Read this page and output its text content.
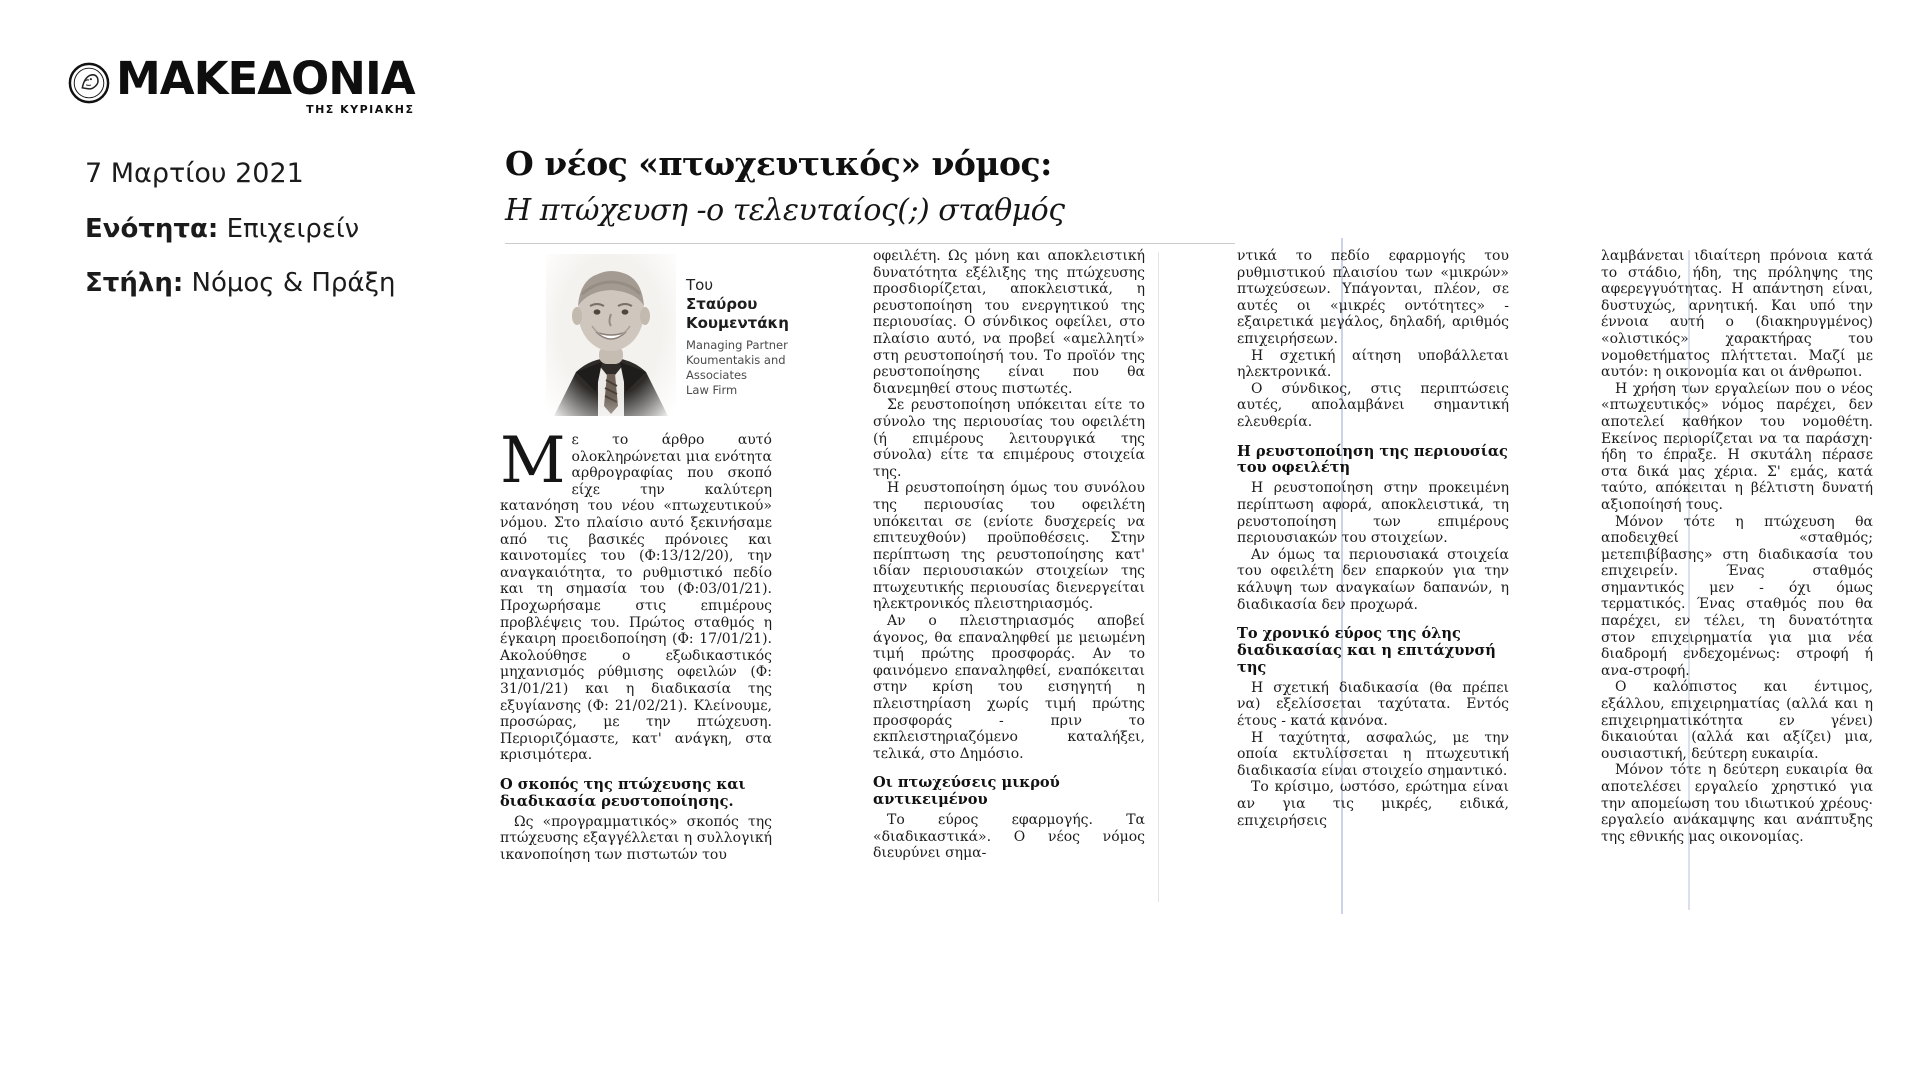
ΜΑΚΕΔΟΝΙΑ
ΤΗΣ ΚΥΡΙΑΚΗΣ
7 Μαρτίου 2021
Ενότητα: Επιχειρείν
Στήλη: Νόμος & Πράξη
Ο νέος «πτωχευτικός» νόμος:
Η πτώχευση -ο τελευταίος(;) σταθμός
Του Σταύρου
Κουμεντάκη
Managing Partner
Koumentakis and
Associates
Law Firm

Με το άρθρο αυτό ολοκληρώνεται μια ενότητα αρθρογραφίας που σκοπό είχε την καλύτερη κατανόηση του νέου «πτωχευτικού» νόμου. Στο πλαίσιο αυτό ξεκινήσαμε από τις βασικές πρόνοιες και καινοτομίες του (Φ:13/12/20), την αναγκαιότητα, το ρυθμιστικό πεδίο και τη σημασία του (Φ:03/01/21). Προχωρήσαμε στις επιμέρους προβλέψεις του. Πρώτος σταθμός η έγκαιρη προειδοποίηση (Φ: 17/01/21). Ακολούθησε ο εξωδικαστικός μηχανισμός ρύθμισης οφειλών (Φ: 31/01/21) και η διαδικασία της εξυγίανσης (Φ: 21/02/21). Κλείνουμε, προσώρας, με την πτώχευση. Περιοριζόμαστε, κατ' ανάγκη, στα κρισιμότερα.

Ο σκοπός της πτώχευσης και διαδικασία ρευστοποίησης.

Ως «προγραμματικός» σκοπός της πτώχευσης εξαγγέλλεται η συλλογική ικανοποίηση των πιστωτών του

οφειλέτη. Ως μόνη και αποκλειστική δυνατότητα εξέλιξης της πτώχευσης προσδιορίζεται, αποκλειστικά, η ρευστοποίηση του ενεργητικού της περιουσίας. Ο σύνδικος οφείλει, στο πλαίσιο αυτό, να προβεί «αμελλητί» στη ρευστοποίησή του. Το προϊόν της ρευστοποίησης είναι που θα διανεμηθεί στους πιστωτές.

Σε ρευστοποίηση υπόκειται είτε το σύνολο της περιουσίας του οφειλέτη (ή επιμέρους λειτουργικά της σύνολα) είτε τα επιμέρους στοιχεία της.

Η ρευστοποίηση όμως του συνόλου της περιουσίας του οφειλέτη υπόκειται σε (ενίοτε δυσχερείς να επιτευχθούν) προϋποθέσεις. Στην περίπτωση της ρευστοποίησης κατ' ιδίαν περιουσιακών στοιχείων της πτωχευτικής περιουσίας διενεργείται ηλεκτρονικός πλειστηριασμός.

Αν ο πλειστηριασμός αποβεί άγονος, θα επαναληφθεί με μειωμένη τιμή πρώτης προσφοράς. Αν το φαινόμενο επαναληφθεί, εναπόκειται στην κρίση του εισηγητή η πλειστηρίαση χωρίς τιμή πρώτης προσφοράς - πριν το εκπλειστηριαζόμενο καταλήξει, τελικά, στο Δημόσιο.

Οι πτωχεύσεις μικρού αντικειμένου

Το εύρος εφαρμογής. Τα «διαδικαστικά». Ο νέος νόμος διευρύνει σημα-

ντικά το πεδίο εφαρμογής του ρυθμιστικού πλαισίου των «μικρών» πτωχεύσεων. Υπάγονται, πλέον, σε αυτές οι «μικρές οντότητες» - εξαιρετικά μεγάλος, δηλαδή, αριθμός επιχειρήσεων.

Η σχετική αίτηση υποβάλλεται ηλεκτρονικά.

Ο σύνδικος, στις περιπτώσεις αυτές, απολαμβάνει σημαντική ελευθερία.

Η ρευστοποίηση της περιουσίας του οφειλέτη

Η ρευστοποίηση στην προκειμένη περίπτωση αφορά, αποκλειστικά, τη ρευστοποίηση των επιμέρους περιουσιακών του στοιχείων.

Αν όμως τα περιουσιακά στοιχεία του οφειλέτη δεν επαρκούν για την κάλυψη των αναγκαίων δαπανών, η διαδικασία δεν προχωρά.

Το χρονικό εύρος της όλης διαδικασίας και η επιτάχυνσή της

Η σχετική διαδικασία (θα πρέπει να) εξελίσσεται ταχύτατα. Εντός έτους - κατά κανόνα.

Η ταχύτητα, ασφαλώς, με την οποία εκτυλίσσεται η πτωχευτική διαδικασία είναι στοιχείο σημαντικό.

Το κρίσιμο, ωστόσο, ερώτημα είναι αν για τις μικρές, ειδικά, επιχειρήσεις

λαμβάνεται ιδιαίτερη πρόνοια κατά το στάδιο, ήδη, της πρόληψης της αφερεγγυότητας. Η απάντηση είναι, δυστυχώς, αρνητική. Και υπό την έννοια αυτή ο (διακηρυγμένος) «ολιστικός» χαρακτήρας του νομοθετήματος πλήττεται. Μαζί με αυτόν: η οικονομία και οι άνθρωποι.

Η χρήση των εργαλείων που ο νέος «πτωχευτικός» νόμος παρέχει, δεν αποτελεί καθήκον του νομοθέτη. Εκείνος περιορίζεται να τα παράσχη· ήδη το έπραξε. Η σκυτάλη πέρασε στα δικά μας χέρια. Σ' εμάς, κατά ταύτο, απόκειται η βέλτιστη δυνατή αξιοποίησή τους.

Μόνον τότε η πτώχευση θα αποδειχθεί «σταθμός; μετεπιβίβασης» στη διαδικασία του επιχειρείν. Ένας σταθμός σημαντικός μεν - όχι όμως τερματικός. Ένας σταθμός που θα παρέχει, εν τέλει, τη δυνατότητα στον επιχειρηματία για μια νέα διαδρομή ενδεχομένως: στροφή ή ανα-στροφή.

Ο καλόπιστος και έντιμος, εξάλλου, επιχειρηματίας (αλλά και η επιχειρηματικότητα εν γένει) δικαιούται (αλλά και αξίζει) μια, ουσιαστική, δεύτερη ευκαιρία.

Μόνον τότε η δεύτερη ευκαιρία θα αποτελέσει εργαλείο χρηστικό για την απομείωση του ιδιωτικού χρέους· εργαλείο ανάκαμψης και ανάπτυξης της εθνικής μας οικονομίας.
